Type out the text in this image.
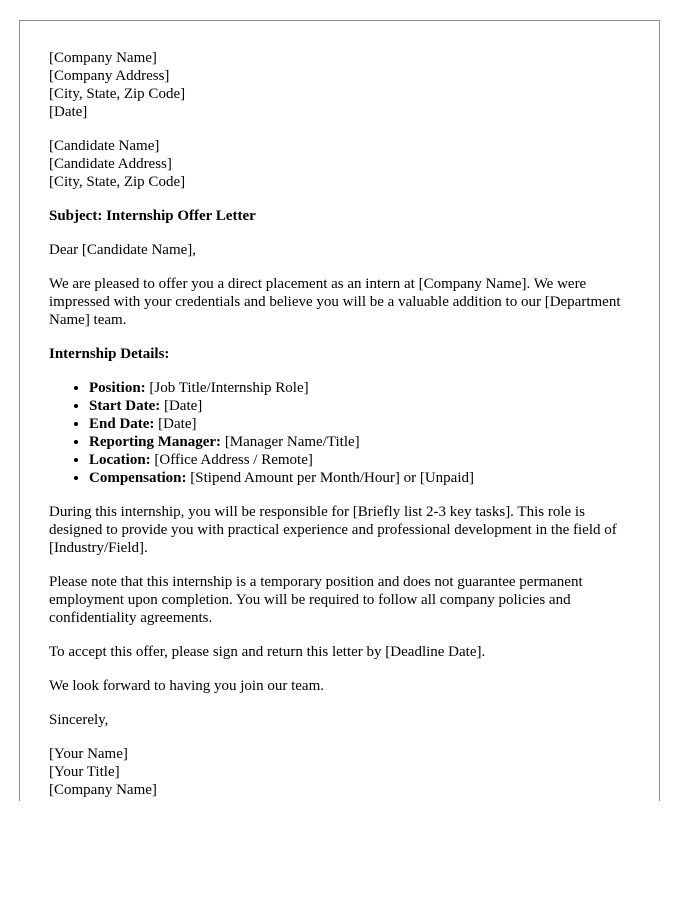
[Company Name]
[Company Address]
[City, State, Zip Code]
[Date]
[Candidate Name]
[Candidate Address]
[City, State, Zip Code]

Subject: Internship Offer Letter

Dear [Candidate Name],

We are pleased to offer you a direct placement as an intern at [Company Name]. We were impressed with your credentials and believe you will be a valuable addition to our [Department Name] team.

Internship Details:

• Position: [Job Title/Internship Role]
• Start Date: [Date]
• End Date: [Date]
• Reporting Manager: [Manager Name/Title]
• Location: [Office Address / Remote]
• Compensation: [Stipend Amount per Month/Hour] or [Unpaid]

During this internship, you will be responsible for [Briefly list 2-3 key tasks]. This role is designed to provide you with practical experience and professional development in the field of [Industry/Field].

Please note that this internship is a temporary position and does not guarantee permanent employment upon completion. You will be required to follow all company policies and confidentiality agreements.

To accept this offer, please sign and return this letter by [Deadline Date].

We look forward to having you join our team.

Sincerely,

[Your Name]
[Your Title]
[Company Name]
